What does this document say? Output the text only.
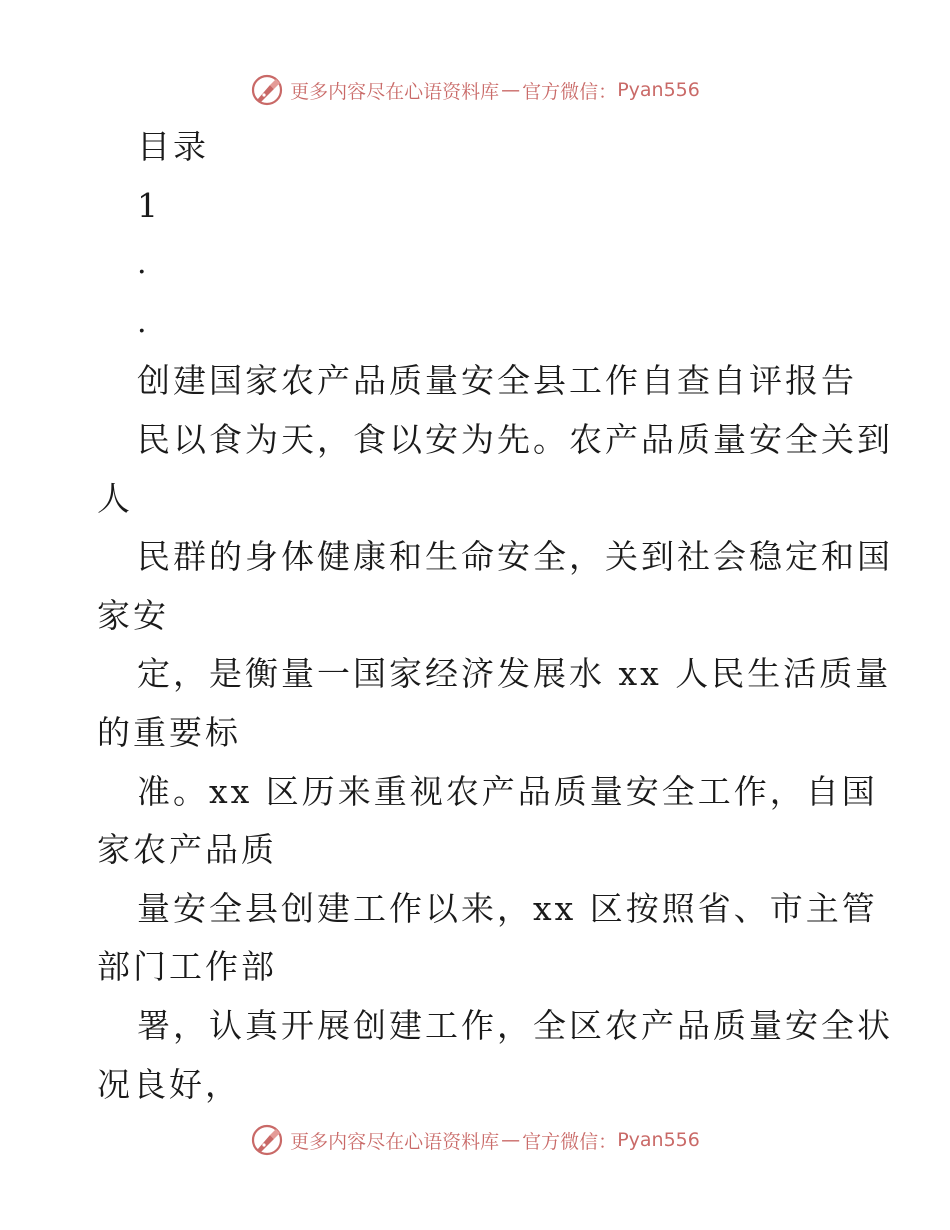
更多内容尽在心语资料库 — 官方微信： Pyan556
目录
1
.
.
创建国家农产品质量安全县工作自查自评报告
民以食为天，食以安为先。农产品质量安全关到
人
民群的身体健康和生命安全，关到社会稳定和国
家安
定，是衡量一国家经济发展水 xx 人民生活质量
的重要标
准。xx 区历来重视农产品质量安全工作，自国
家农产品质
量安全县创建工作以来，xx 区按照省、市主管
部门工作部
署，认真开展创建工作，全区农产品质量安全状
况良好，
更多内容尽在心语资料库 — 官方微信： Pyan556
